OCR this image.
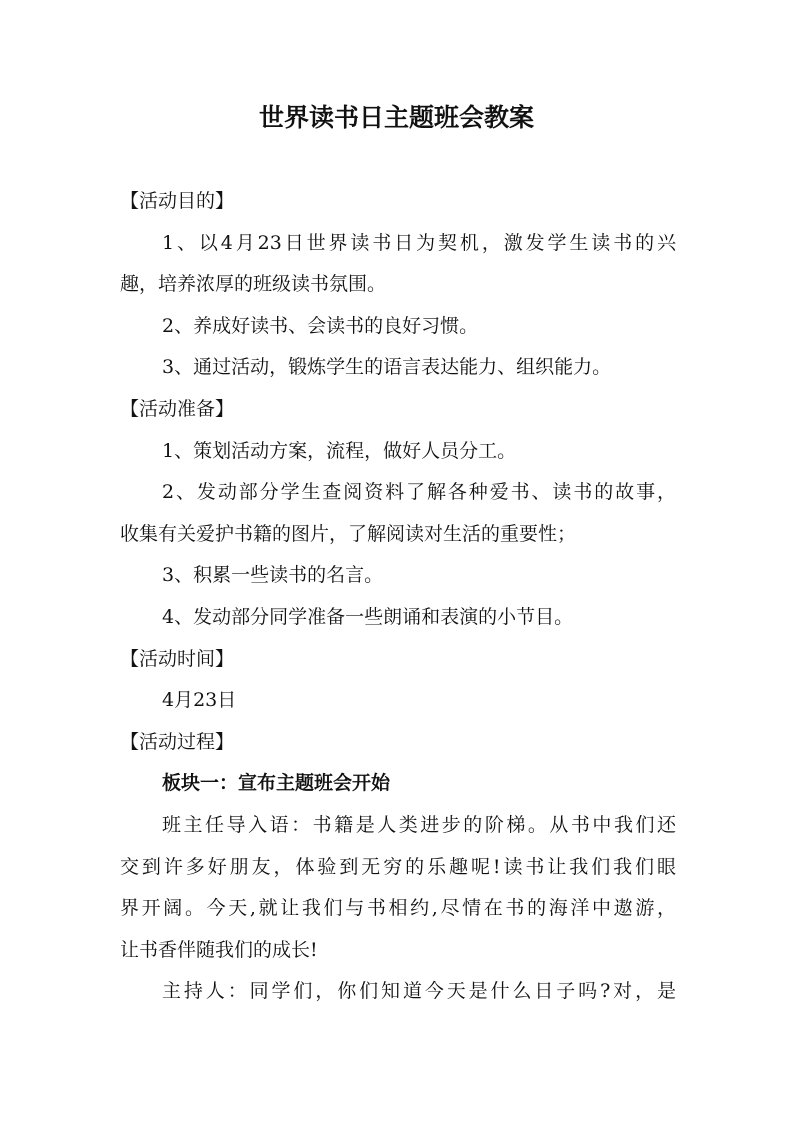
世界读书日主题班会教案
【活动目的】
1、以4月23日世界读书日为契机，激发学生读书的兴
趣，培养浓厚的班级读书氛围。
2、养成好读书、会读书的良好习惯。
3、通过活动，锻炼学生的语言表达能力、组织能力。
【活动准备】
1、策划活动方案，流程，做好人员分工。
2、发动部分学生查阅资料了解各种爱书、读书的故事，
收集有关爱护书籍的图片，了解阅读对生活的重要性；
3、积累一些读书的名言。
4、发动部分同学准备一些朗诵和表演的小节目。
【活动时间】
4月23日
【活动过程】
板块一：宣布主题班会开始
班主任导入语：书籍是人类进步的阶梯。从书中我们还
交到许多好朋友，体验到无穷的乐趣呢!读书让我们我们眼
界开阔。今天,就让我们与书相约,尽情在书的海洋中遨游，
让书香伴随我们的成长!
主持人：同学们，你们知道今天是什么日子吗?对，是
